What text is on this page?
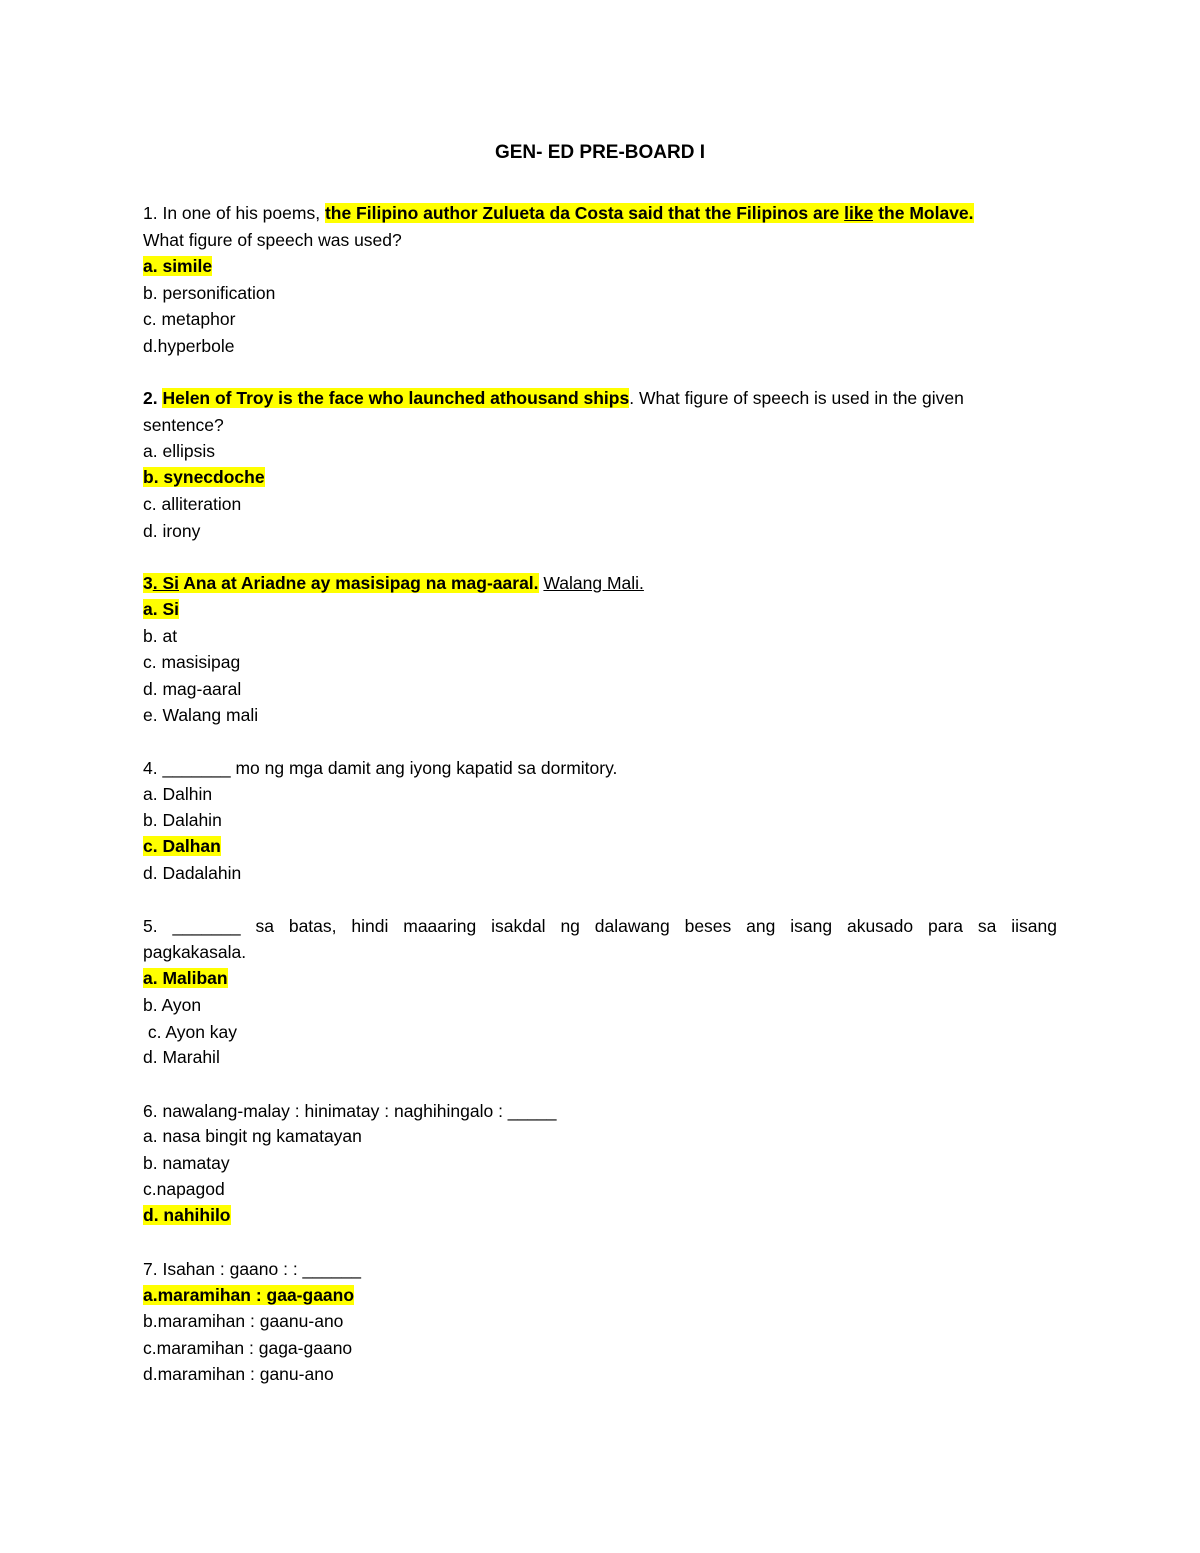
GEN- ED PRE-BOARD I
1. In one of his poems, the Filipino author Zulueta da Costa said that the Filipinos are like the Molave.
What figure of speech was used?
a. simile
b. personification
c. metaphor
d.hyperbole
2. Helen of Troy is the face who launched athousand ships. What figure of speech is used in the given
sentence?
a. ellipsis
b. synecdoche
c. alliteration
d. irony
3. Si Ana at Ariadne ay masisipag na mag-aaral. Walang Mali.
a. Si
b. at
c. masisipag
d. mag-aaral
e. Walang mali
4. _______ mo ng mga damit ang iyong kapatid sa dormitory.
a. Dalhin
b. Dalahin
c. Dalhan
d. Dadalahin
5. _______ sa batas, hindi maaaring isakdal ng dalawang beses ang isang akusado para sa iisang
pagkakasala.
a. Maliban
b. Ayon
c. Ayon kay
d. Marahil
6. nawalang-malay : hinimatay : naghihingalo : _____
a. nasa bingit ng kamatayan
b. namatay
c.napagod
d. nahihilo
7. Isahan : gaano : : ______
a.maramihan : gaa-gaano
b.maramihan : gaanu-ano
c.maramihan : gaga-gaano
d.maramihan : ganu-ano
